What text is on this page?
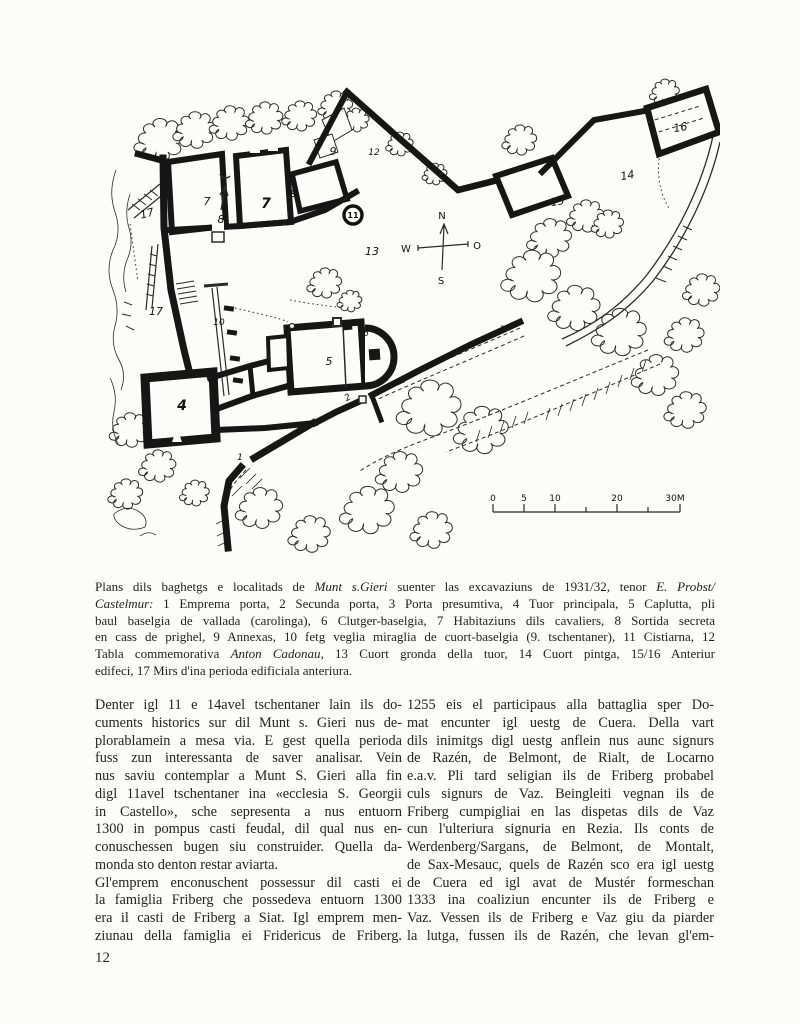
N
S
W	O
0	5 10	20	30M
1
2
3
4
5
6
7	7
8
9
9
10
11
12
13
14
15
16
17
17
Plans dils baghetgs e localitads de Munt s.Gieri suenter las excavaziuns de 1931/32, tenor E. Probst/
Castelmur: 1 Emprema porta, 2 Secunda porta, 3 Porta presumtiva, 4 Tuor principala, 5 Caplutta, pli
baul baselgia de vallada (carolinga), 6 Clutger-baselgia, 7 Habitaziuns dils cavaliers, 8 Sortida secreta
en cass de prighel, 9 Annexas, 10 fetg veglia miraglia de cuort-baselgia (9. tschentaner), 11 Cistiarna, 12
Tabla commemorativa Anton Cadonau, 13 Cuort gronda della tuor, 14 Cuort pintga, 15/16 Anteriur
edifeci, 17 Mirs d'ina perioda edificiala anteriura.
Denter igl 11 e 14avel tschentaner lain ils do-
cuments historics sur dil Munt s. Gieri nus de-
plorablamein a mesa via. E gest quella perioda
fuss zun interessanta de saver analisar. Vein
nus saviu contemplar a Munt S. Gieri alla fin
digl 11avel tschentaner ina «ecclesia S. Georgii
in Castello», sche sepresenta a nus entuorn
1300 in pompus casti feudal, dil qual nus en-
conuschessen bugen siu construider. Quella da-
monda sto denton restar aviarta.
Gl'emprem enconuschent possessur dil casti ei
la famiglia Friberg che possedeva entuorn 1300
era il casti de Friberg a Siat. Igl emprem men-
ziunau della famiglia ei Fridericus de Friberg.
1255 eis el participaus alla battaglia sper Do-
mat encunter igl uestg de Cuera. Della vart
dils inimitgs digl uestg anflein nus aunc signurs
de Razén, de Belmont, de Rialt, de Locarno
e.a.v. Pli tard seligian ils de Friberg probabel
culs signurs de Vaz. Beingleiti vegnan ils de
Friberg cumpigliai en las dispetas dils de Vaz
cun l'ulteriura signuria en Rezia. Ils conts de
Werdenberg/Sargans, de Belmont, de Montalt,
de Sax-Mesauc, quels de Razén sco era igl uestg
de Cuera ed igl avat de Mustér formeschan
1333 ina coaliziun encunter ils de Friberg e
Vaz. Vessen ils de Friberg e Vaz giu da piarder
la lutga, fussen ils de Razén, che levan gl'em-
12
